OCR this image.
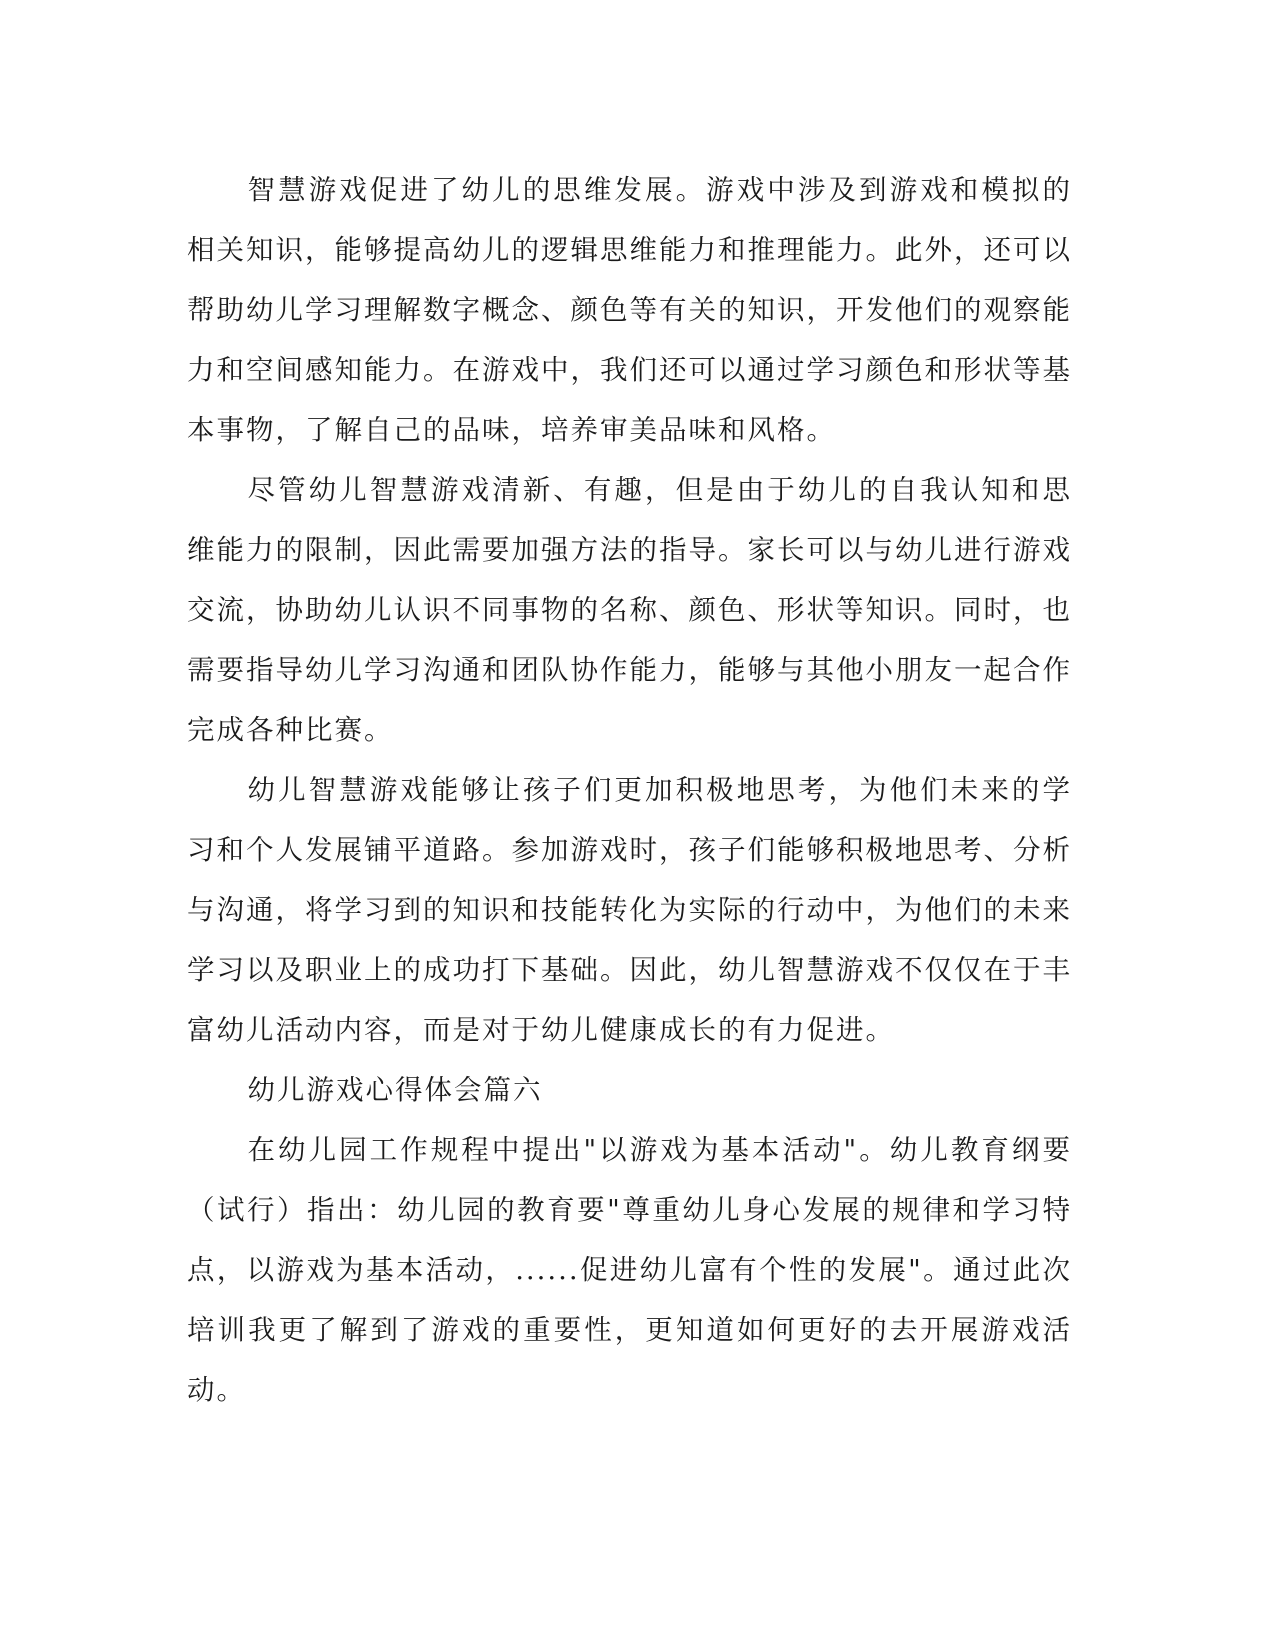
智慧游戏促进了幼儿的思维发展。游戏中涉及到游戏和模拟的相关知识，能够提高幼儿的逻辑思维能力和推理能力。此外，还可以帮助幼儿学习理解数字概念、颜色等有关的知识，开发他们的观察能力和空间感知能力。在游戏中，我们还可以通过学习颜色和形状等基本事物，了解自己的品味，培养审美品味和风格。

尽管幼儿智慧游戏清新、有趣，但是由于幼儿的自我认知和思维能力的限制，因此需要加强方法的指导。家长可以与幼儿进行游戏交流，协助幼儿认识不同事物的名称、颜色、形状等知识。同时，也需要指导幼儿学习沟通和团队协作能力，能够与其他小朋友一起合作完成各种比赛。

幼儿智慧游戏能够让孩子们更加积极地思考，为他们未来的学习和个人发展铺平道路。参加游戏时，孩子们能够积极地思考、分析与沟通，将学习到的知识和技能转化为实际的行动中，为他们的未来学习以及职业上的成功打下基础。因此，幼儿智慧游戏不仅仅在于丰富幼儿活动内容，而是对于幼儿健康成长的有力促进。

幼儿游戏心得体会篇六

在幼儿园工作规程中提出"以游戏为基本活动"。幼儿教育纲要（试行）指出：幼儿园的教育要"尊重幼儿身心发展的规律和学习特点，以游戏为基本活动，......促进幼儿富有个性的发展"。通过此次培训我更了解到了游戏的重要性，更知道如何更好的去开展游戏活动。
